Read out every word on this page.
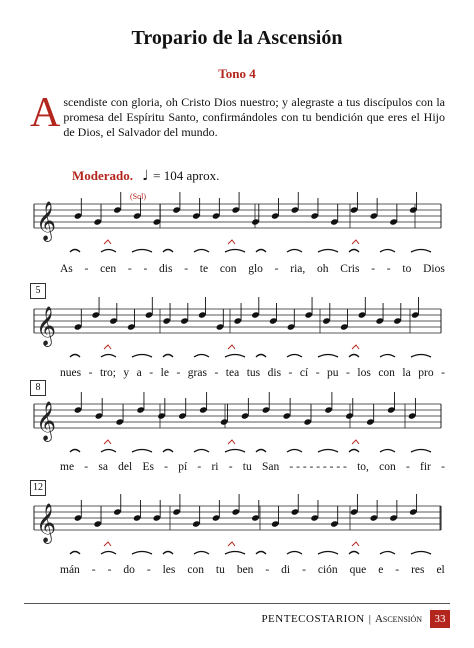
Tropario de la Ascensión
Tono 4
Ascendiste con gloria, oh Cristo Dios nuestro; y alegraste a tus discípulos con la promesa del Espíritu Santo, confirmándoles con tu bendición que eres el Hijo de Dios, el Salvador del mundo.
Moderado. ♩ = 104 aprox.
(Sol)
𝄞
As - cen - - dis - te con glo - ria, oh Cris - - to Dios
5
𝄞
nues - tro; y a - le - gras - tea tus dis - cí - pu - los con la pro -
8
𝄞
me - sa del Es - pí - ri - tu San - - - - - - - - - to, con - fir -
12
𝄞
mán - - do - les con tu ben - di - ción que e - res el
PENTECOSTARION | Ascensión	33
